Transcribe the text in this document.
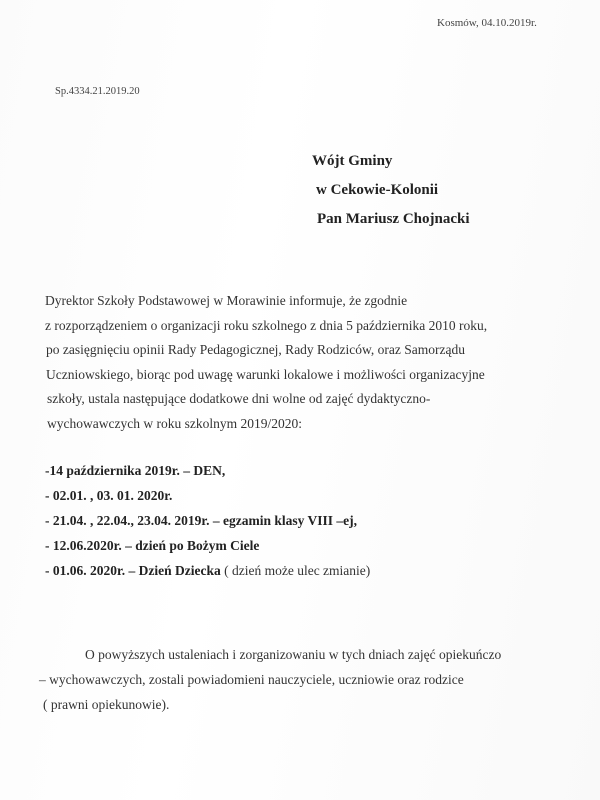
Kosmów, 04.10.2019r.
Sp.4334.21.2019.20
Wójt Gminy
w Cekowie-Kolonii
Pan Mariusz Chojnacki
Dyrektor Szkoły Podstawowej w Morawinie informuje, że zgodnie
z rozporządzeniem o organizacji roku szkolnego z dnia 5 października 2010 roku,
po zasięgnięciu opinii Rady Pedagogicznej, Rady Rodziców, oraz Samorządu
Uczniowskiego, biorąc pod uwagę warunki lokalowe i możliwości organizacyjne
szkoły, ustala następujące dodatkowe dni wolne od zajęć dydaktyczno-
wychowawczych w roku szkolnym 2019/2020:
-14 października 2019r. – DEN,
- 02.01. , 03. 01. 2020r.
- 21.04. , 22.04., 23.04. 2019r. – egzamin klasy VIII –ej,
- 12.06.2020r. – dzień po Bożym Ciele
- 01.06. 2020r. – Dzień Dziecka ( dzień może ulec zmianie)
O powyższych ustaleniach i zorganizowaniu w tych dniach zajęć opiekuńczo
– wychowawczych, zostali powiadomieni nauczyciele, uczniowie oraz rodzice
( prawni opiekunowie).
